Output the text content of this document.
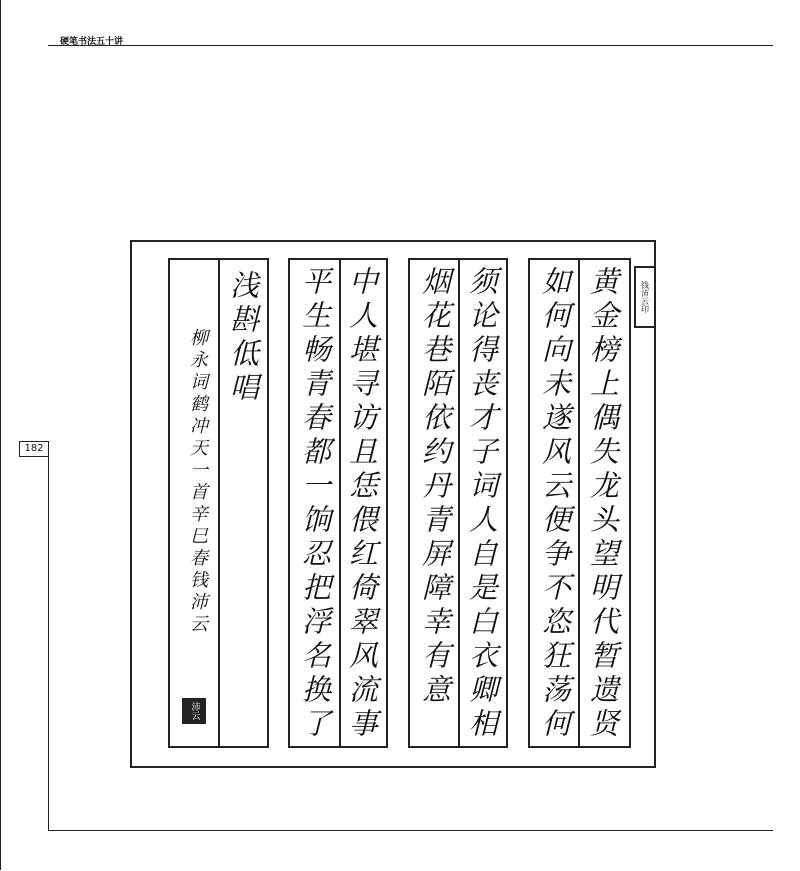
硬笔书法五十讲
182	黄金榜上偶失龙头望明代暂遗贤
如何向未遂风云便争不恣狂荡何	钱沛云印
须论得丧才子词人自是白衣卿相
烟花巷陌依约丹青屏障幸有意
中人堪寻访且恁偎红倚翠风流事
平生畅青春都一饷忍把浮名换了
浅斟低唱
柳永词鹤冲天一首辛巳春钱沛云
沛云
